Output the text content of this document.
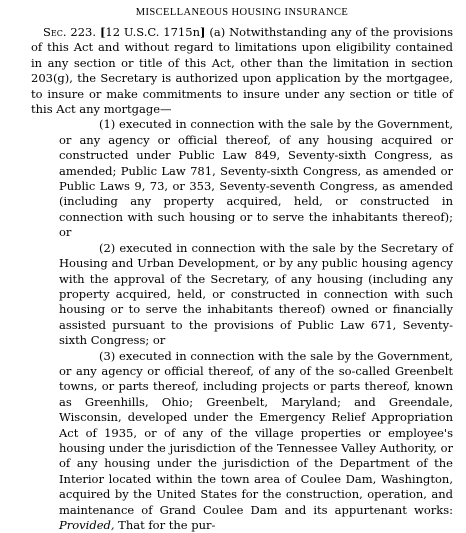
MISCELLANEOUS HOUSING INSURANCE

Sec. 223. [12 U.S.C. 1715n] (a) Notwithstanding any of the provisions of this Act and without regard to limitations upon eligibility contained in any section or title of this Act, other than the limitation in section 203(g), the Secretary is authorized upon application by the mortgagee, to insure or make commitments to insure under any section or title of this Act any mortgage—

(1) executed in connection with the sale by the Government, or any agency or official thereof, of any housing acquired or constructed under Public Law 849, Seventy-sixth Congress, as amended; Public Law 781, Seventy-sixth Congress, as amended or Public Laws 9, 73, or 353, Seventy-seventh Congress, as amended (including any property acquired, held, or constructed in connection with such housing or to serve the inhabitants thereof); or

(2) executed in connection with the sale by the Secretary of Housing and Urban Development, or by any public housing agency with the approval of the Secretary, of any housing (including any property acquired, held, or constructed in connection with such housing or to serve the inhabitants thereof) owned or financially assisted pursuant to the provisions of Public Law 671, Seventy-sixth Congress; or

(3) executed in connection with the sale by the Government, or any agency or official thereof, of any of the so-called Greenbelt towns, or parts thereof, including projects or parts thereof, known as Greenhills, Ohio; Greenbelt, Maryland; and Greendale, Wisconsin, developed under the Emergency Relief Appropriation Act of 1935, or of any of the village properties or employee's housing under the jurisdiction of the Tennessee Valley Authority, or of any housing under the jurisdiction of the Department of the Interior located within the town area of Coulee Dam, Washington, acquired by the United States for the construction, operation, and maintenance of Grand Coulee Dam and its appurtenant works: Provided, That for the pur-
